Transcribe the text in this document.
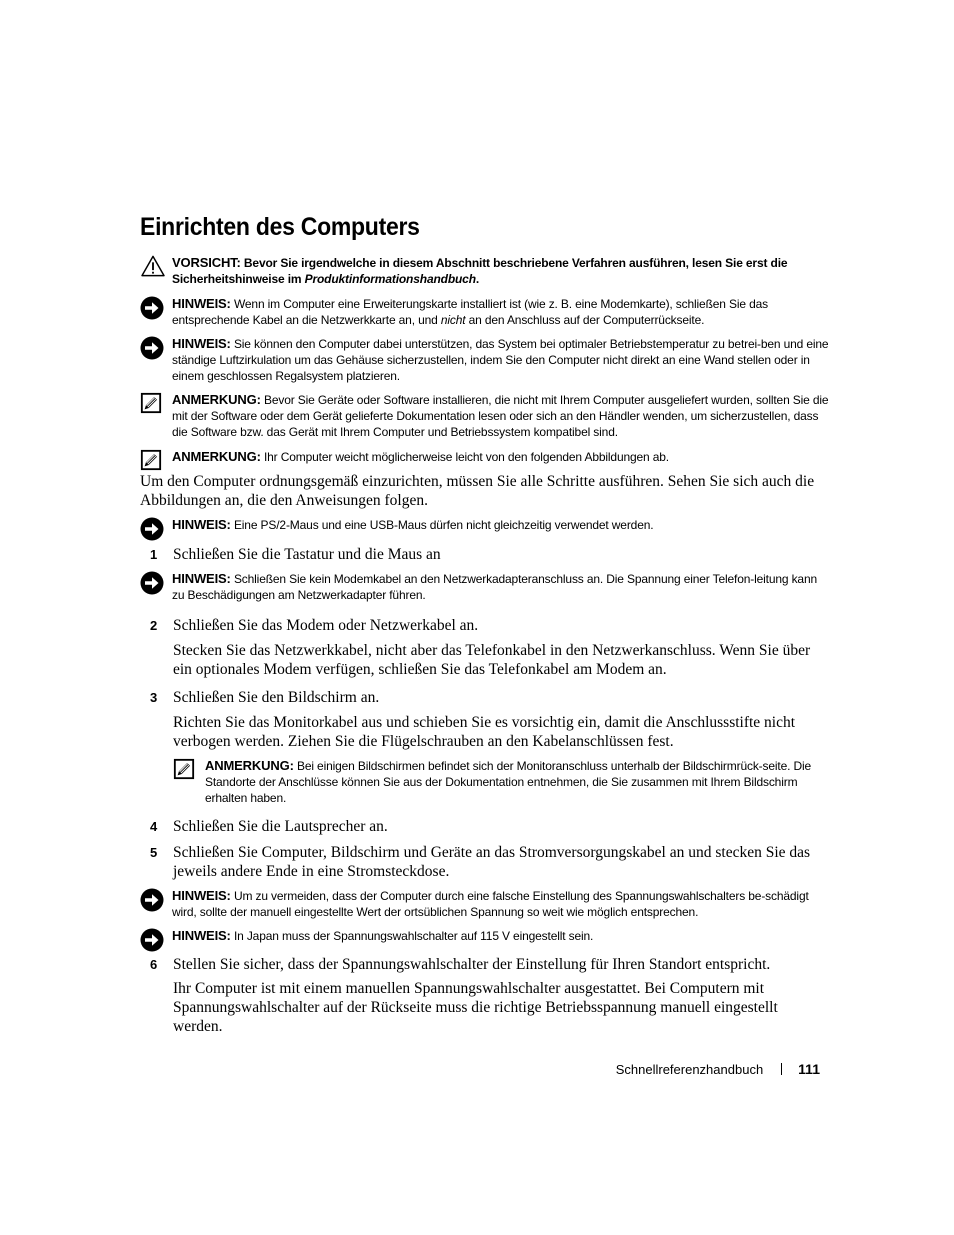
Einrichten des Computers
VORSICHT: Bevor Sie irgendwelche in diesem Abschnitt beschriebene Verfahren ausführen, lesen Sie erst die Sicherheitshinweise im Produktinformationshandbuch.
HINWEIS: Wenn im Computer eine Erweiterungskarte installiert ist (wie z. B. eine Modemkarte), schließen Sie das entsprechende Kabel an die Netzwerkkarte an, und nicht an den Anschluss auf der Computerrückseite.
HINWEIS: Sie können den Computer dabei unterstützen, das System bei optimaler Betriebstemperatur zu betrei-ben und eine ständige Luftzirkulation um das Gehäuse sicherzustellen, indem Sie den Computer nicht direkt an eine Wand stellen oder in einem geschlossen Regalsystem platzieren.
ANMERKUNG: Bevor Sie Geräte oder Software installieren, die nicht mit Ihrem Computer ausgeliefert wurden, sollten Sie die mit der Software oder dem Gerät gelieferte Dokumentation lesen oder sich an den Händler wenden, um sicherzustellen, dass die Software bzw. das Gerät mit Ihrem Computer und Betriebssystem kompatibel sind.
ANMERKUNG: Ihr Computer weicht möglicherweise leicht von den folgenden Abbildungen ab.

Um den Computer ordnungsgemäß einzurichten, müssen Sie alle Schritte ausführen. Sehen Sie sich auch die Abbildungen an, die den Anweisungen folgen.

HINWEIS: Eine PS/2-Maus und eine USB-Maus dürfen nicht gleichzeitig verwendet werden.
1 Schließen Sie die Tastatur und die Maus an
HINWEIS: Schließen Sie kein Modemkabel an den Netzwerkadapteranschluss an. Die Spannung einer Telefon-leitung kann zu Beschädigungen am Netzwerkadapter führen.
2 Schließen Sie das Modem oder Netzwerkabel an.

Stecken Sie das Netzwerkkabel, nicht aber das Telefonkabel in den Netzwerkanschluss. Wenn Sie über ein optionales Modem verfügen, schließen Sie das Telefonkabel am Modem an.

3 Schließen Sie den Bildschirm an.

Richten Sie das Monitorkabel aus und schieben Sie es vorsichtig ein, damit die Anschlussstifte nicht verbogen werden. Ziehen Sie die Flügelschrauben an den Kabelanschlüssen fest.

ANMERKUNG: Bei einigen Bildschirmen befindet sich der Monitoranschluss unterhalb der Bildschirmrück-seite. Die Standorte der Anschlüsse können Sie aus der Dokumentation entnehmen, die Sie zusammen mit Ihrem Bildschirm erhalten haben.
4 Schließen Sie die Lautsprecher an.
5	Schließen Sie Computer, Bildschirm und Geräte an das Stromversorgungskabel an und stecken Sie das jeweils andere Ende in eine Stromsteckdose.
HINWEIS: Um zu vermeiden, dass der Computer durch eine falsche Einstellung des Spannungswahlschalters be-schädigt wird, sollte der manuell eingestellte Wert der ortsüblichen Spannung so weit wie möglich entsprechen.
HINWEIS: In Japan muss der Spannungswahlschalter auf 115 V eingestellt sein.
6 Stellen Sie sicher, dass der Spannungswahlschalter der Einstellung für Ihren Standort entspricht.

Ihr Computer ist mit einem manuellen Spannungswahlschalter ausgestattet. Bei Computern mit Spannungswahlschalter auf der Rückseite muss die richtige Betriebsspannung manuell eingestellt werden.

Schnellreferenzhandbuch	111
